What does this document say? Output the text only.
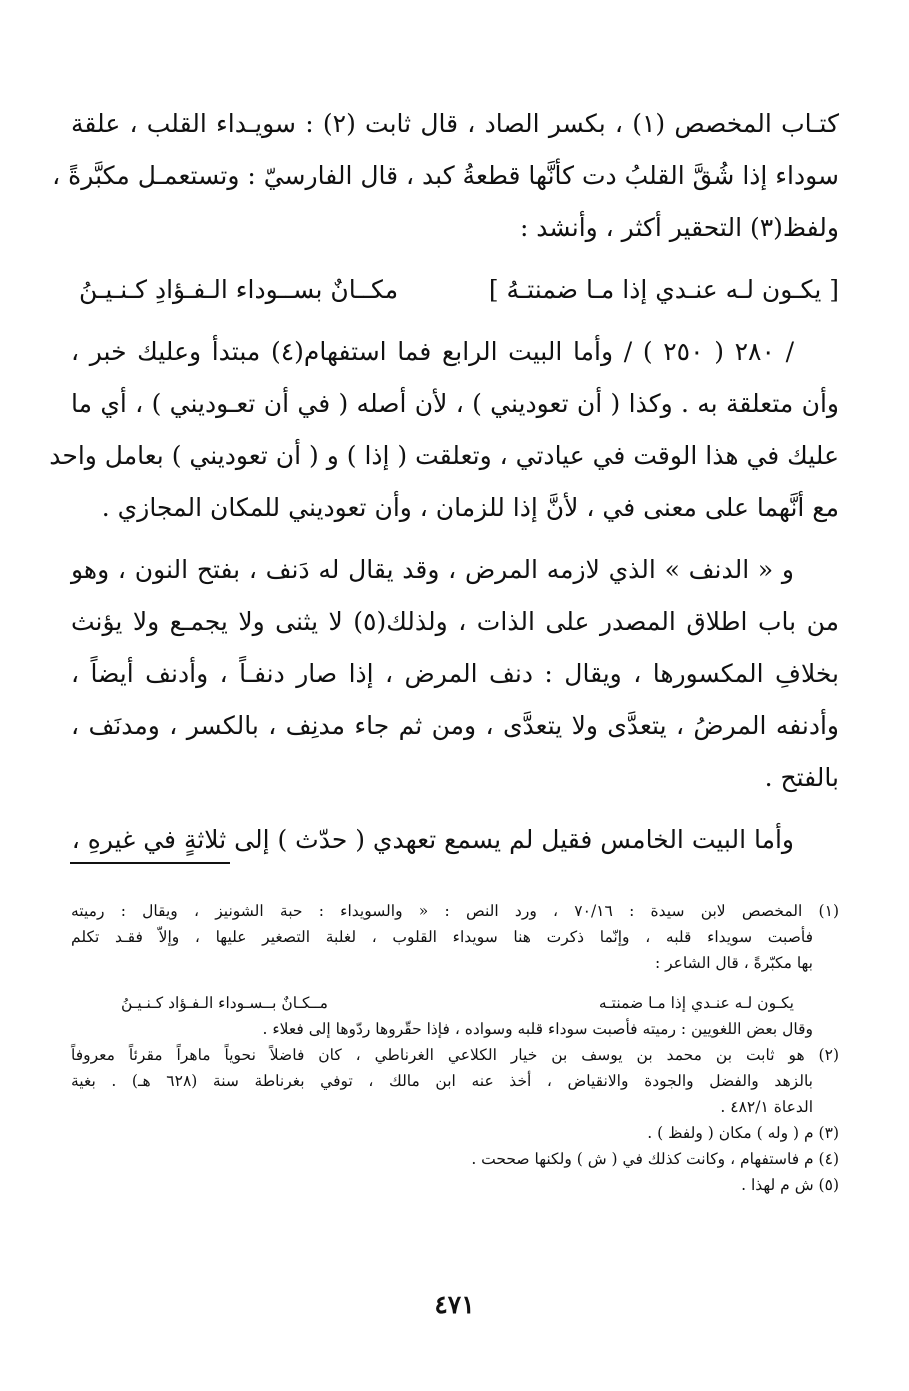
كتـاب المخصص (١) ، بكسر الصاد ، قال ثابت (٢) : سويـداء القلب ، علقة
سوداء إذا شُقَّ القلبُ دت كأنَّها قطعةُ كبد ، قال الفارسيّ : وتستعمـل مكبَّرةً ،
ولفظ(٣) التحقير أكثر ، وأنشد :
[ يكـون لـه عنـدي إذا مـا ضمنتـهُ ]
مكــانٌ بســوداء الـفـؤادِ كـنـيـنُ
/ ٢٨٠ ( ٢٥٠ ) / وأما البيت الرابع فما استفهام(٤) مبتدأ وعليك خبر ،
وأن متعلقة به . وكذا ( أن تعوديني ) ، لأن أصله ( في أن تعـوديني ) ، أي ما
عليك في هذا الوقت في عيادتي ، وتعلقت ( إذا ) و ( أن تعوديني ) بعامل واحد
مع أنَّهما على معنى في ، لأنَّ إذا للزمان ، وأن تعوديني للمكان المجازي .
و « الدنف » الذي لازمه المرض ، وقد يقال له دَنف ، بفتح النون ، وهو
من باب اطلاق المصدر على الذات ، ولذلك(٥) لا يثنى ولا يجمـع ولا يؤنث
بخلافِ المكسورها ، ويقال : دنف المرض ، إذا صار دنفـاً ، وأدنف أيضاً ،
وأدنفه المرضُ ، يتعدَّى ولا يتعدَّى ، ومن ثم جاء مدنِف ، بالكسر ، ومدنَف ،
بالفتح .
وأما البيت الخامس فقيل لم يسمع تعهدي ( حدّث ) إلى ثلاثةٍ في غيرهِ ،
(١) المخصص لابن سيدة : ٧٠/١٦ ، ورد النص : « والسويداء : حبة الشونيز ، ويقال : رميته
فأصبت سويداء قلبه ، وإنّما ذكرت هنا سويداء القلوب ، لغلبة التصغير عليها ، وإلاّ فقـد تكلم
بها مكبّرةً ، قال الشاعر :
يكـون لـه عنـدي إذا مـا ضمنتـه
مــكـانٌ بــسـوداء الـفـؤاد كـنـيـنُ
وقال بعض اللغويين : رميته فأصبت سوداء قلبه وسواده ، فإذا حقّروها ردّوها إلى فعلاء .
(٢) هو ثابت بن محمد بن يوسف بن خيار الكلاعي الغرناطي ، كان فاضلاً نحوياً ماهراً مقرئاً معروفاً
بالزهد والفضل والجودة والانقياض ، أخذ عنه ابن مالك ، توفي بغرناطة سنة (٦٢٨ هـ) . بغية
الدعاة ٤٨٢/١ .
(٣) م ( وله ) مكان ( ولفظ ) .
(٤) م فاستفهام ، وكانت كذلك في ( ش ) ولكنها صححت .
(٥) ش م لهذا .
٤٧١
